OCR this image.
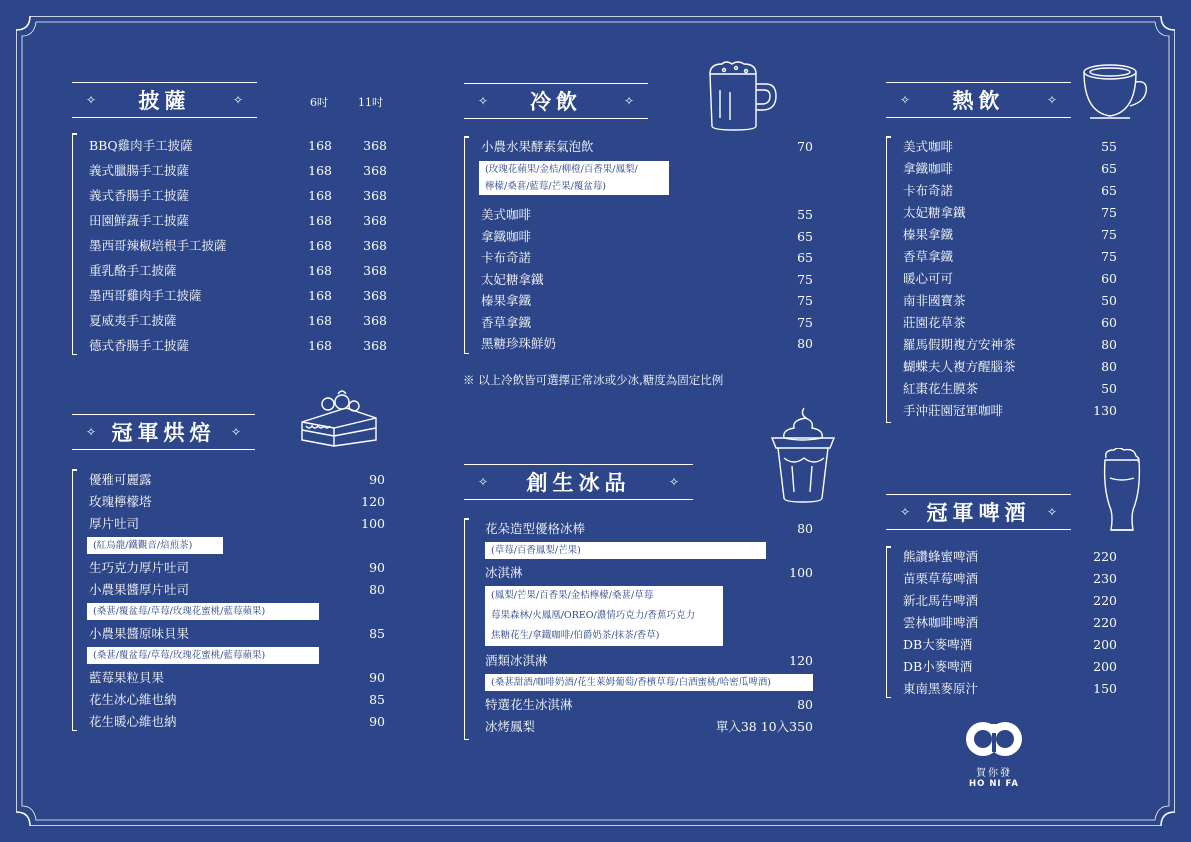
✧ 披薩	✧	6吋	11吋
BBQ雞肉手工披薩	168	368
義式臘腸手工披薩	168	368
義式香腸手工披薩	168	368
田園鮮蔬手工披薩	168	368
墨西哥辣椒培根手工披薩	168	368
重乳酪手工披薩	168	368
墨西哥雞肉手工披薩	168	368
夏威夷手工披薩	168	368
德式香腸手工披薩	168	368
✧ 冠軍烘焙 ✧
優雅可麗露	90
玫瑰檸檬塔	120
厚片吐司	100
(紅烏龍/鐵觀音/焙煎茶)
生巧克力厚片吐司	90
小農果醬厚片吐司	80
(桑葚/覆盆莓/草莓/玫瑰花蜜桃/藍莓蘋果)
小農果醬原味貝果	85
(桑葚/覆盆莓/草莓/玫瑰花蜜桃/藍莓蘋果)
藍莓果粒貝果	90
花生冰心維也納	85
花生暖心維也納	90
✧ 冷飲	✧
小農水果酵素氣泡飲	70
(玫瑰花蘋果/金桔/柳橙/百香果/鳳梨/
檸檬/桑葚/藍莓/芒果/覆盆莓)
美式咖啡	55
拿鐵咖啡	65
卡布奇諾	65
太妃糖拿鐵	75
榛果拿鐵	75
香草拿鐵	75
黑糖珍珠鮮奶	80
※ 以上冷飲皆可選擇正常冰或少冰,糖度為固定比例
✧ 創生冰品	✧
花朵造型優格冰棒	80
(草莓/百香鳳梨/芒果)
冰淇淋	100
(鳳梨/芒果/百香果/金桔檸檬/桑葚/草莓
莓果森林/火鳳凰/OREO/濃情巧克力/香蕉巧克力
焦糖花生/拿鐵咖啡/伯爵奶茶/抹茶/香草)
酒類冰淇淋	120
(桑葚甜酒/咖啡奶酒/花生萊姆葡萄/香檳草莓/白酒蜜桃/哈密瓜啤酒)
特選花生冰淇淋	80
冰烤鳳梨	單入38 10入350
✧ 熱飲	✧
美式咖啡	55
拿鐵咖啡	65
卡布奇諾	65
太妃糖拿鐵	75
榛果拿鐵	75
香草拿鐵	75
暖心可可	60
南非國寶茶	50
莊園花草茶	60
羅馬假期複方安神茶	80
蝴蝶夫人複方醒腦茶	80
紅棗花生膜茶	50
手沖莊園冠軍咖啡	130
✧ 冠軍啤酒 ✧
熊讚蜂蜜啤酒	220
苗栗草莓啤酒	230
新北馬告啤酒	220
雲林咖啡啤酒	220
DB大麥啤酒	200
DB小麥啤酒	200
東南黑麥原汁	150
賀你發
HO NI FA
